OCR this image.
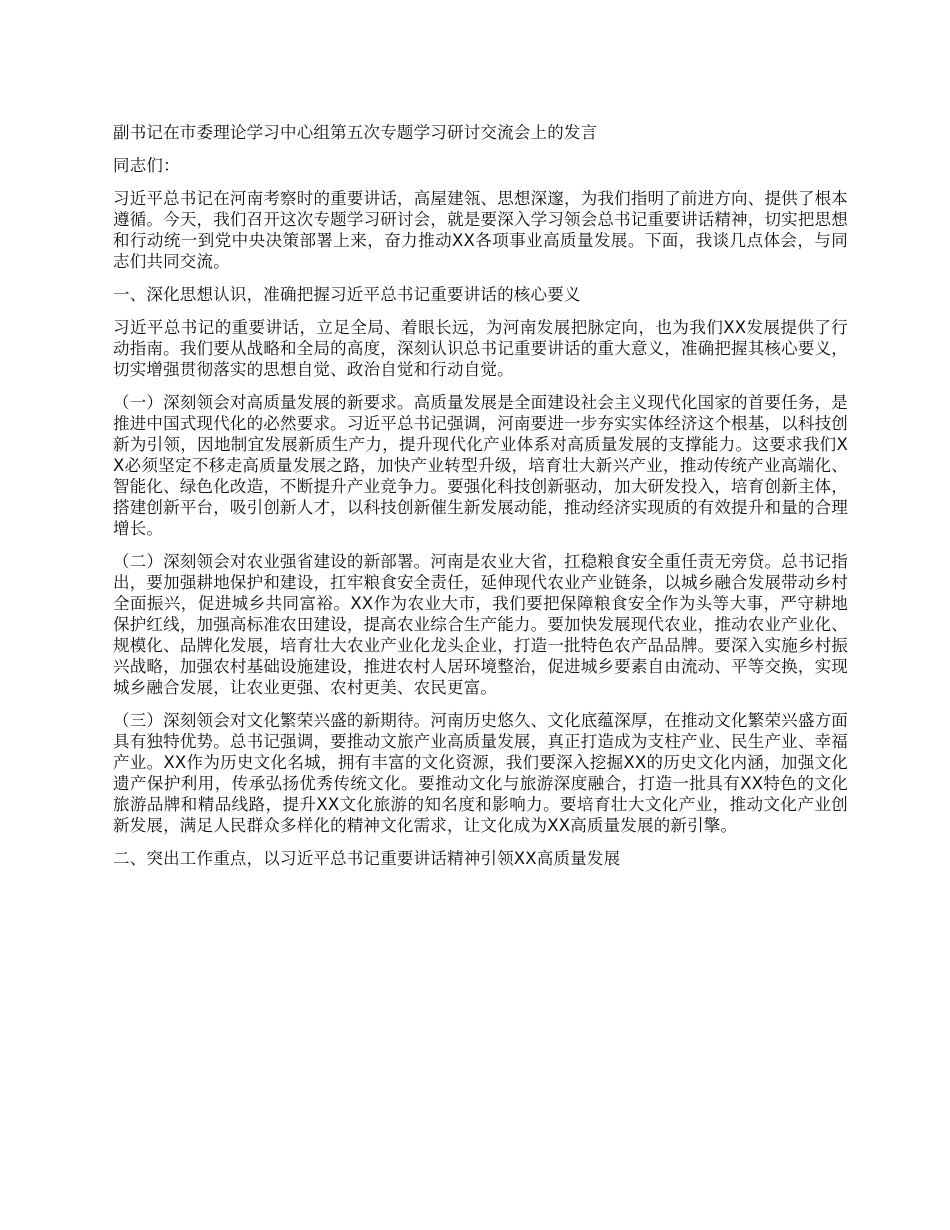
副书记在市委理论学习中心组第五次专题学习研讨交流会上的发言

同志们：

习近平总书记在河南考察时的重要讲话，高屋建瓴、思想深邃，为我们指明了前进方向、提供了根本遵循。今天，我们召开这次专题学习研讨会，就是要深入学习领会总书记重要讲话精神，切实把思想和行动统一到党中央决策部署上来，奋力推动XX各项事业高质量发展。下面，我谈几点体会，与同志们共同交流。

一、深化思想认识，准确把握习近平总书记重要讲话的核心要义

习近平总书记的重要讲话，立足全局、着眼长远，为河南发展把脉定向，也为我们XX发展提供了行动指南。我们要从战略和全局的高度，深刻认识总书记重要讲话的重大意义，准确把握其核心要义，切实增强贯彻落实的思想自觉、政治自觉和行动自觉。

（一）深刻领会对高质量发展的新要求。高质量发展是全面建设社会主义现代化国家的首要任务，是推进中国式现代化的必然要求。习近平总书记强调，河南要进一步夯实实体经济这个根基，以科技创新为引领，因地制宜发展新质生产力，提升现代化产业体系对高质量发展的支撑能力。这要求我们XX必须坚定不移走高质量发展之路，加快产业转型升级，培育壮大新兴产业，推动传统产业高端化、智能化、绿色化改造，不断提升产业竞争力。要强化科技创新驱动，加大研发投入，培育创新主体，搭建创新平台，吸引创新人才，以科技创新催生新发展动能，推动经济实现质的有效提升和量的合理增长。

（二）深刻领会对农业强省建设的新部署。河南是农业大省，扛稳粮食安全重任责无旁贷。总书记指出，要加强耕地保护和建设，扛牢粮食安全责任，延伸现代农业产业链条，以城乡融合发展带动乡村全面振兴，促进城乡共同富裕。XX作为农业大市，我们要把保障粮食安全作为头等大事，严守耕地保护红线，加强高标准农田建设，提高农业综合生产能力。要加快发展现代农业，推动农业产业化、规模化、品牌化发展，培育壮大农业产业化龙头企业，打造一批特色农产品品牌。要深入实施乡村振兴战略，加强农村基础设施建设，推进农村人居环境整治，促进城乡要素自由流动、平等交换，实现城乡融合发展，让农业更强、农村更美、农民更富。

（三）深刻领会对文化繁荣兴盛的新期待。河南历史悠久、文化底蕴深厚，在推动文化繁荣兴盛方面具有独特优势。总书记强调，要推动文旅产业高质量发展，真正打造成为支柱产业、民生产业、幸福产业。XX作为历史文化名城，拥有丰富的文化资源，我们要深入挖掘XX的历史文化内涵，加强文化遗产保护利用，传承弘扬优秀传统文化。要推动文化与旅游深度融合，打造一批具有XX特色的文化旅游品牌和精品线路，提升XX文化旅游的知名度和影响力。要培育壮大文化产业，推动文化产业创新发展，满足人民群众多样化的精神文化需求，让文化成为XX高质量发展的新引擎。

二、突出工作重点，以习近平总书记重要讲话精神引领XX高质量发展
